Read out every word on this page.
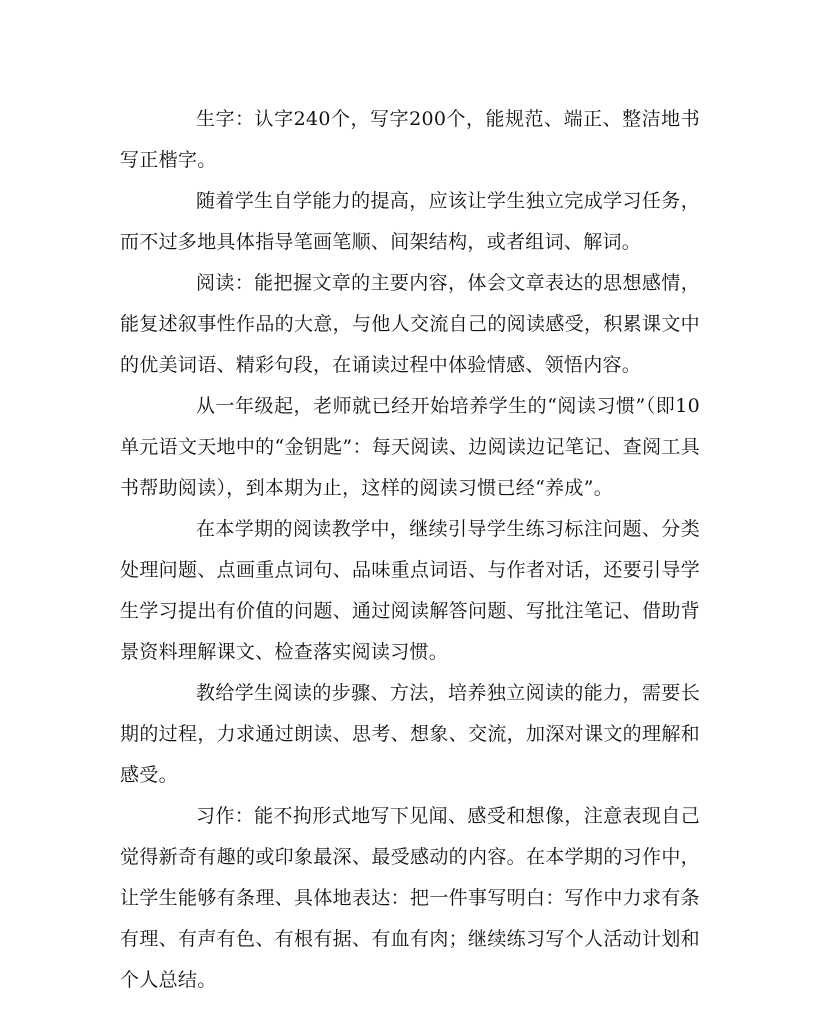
生字：认字240个，写字200个，能规范、端正、整洁地书写正楷字。

随着学生自学能力的提高，应该让学生独立完成学习任务，而不过多地具体指导笔画笔顺、间架结构，或者组词、解词。

阅读：能把握文章的主要内容，体会文章表达的思想感情，能复述叙事性作品的大意，与他人交流自己的阅读感受，积累课文中的优美词语、精彩句段，在诵读过程中体验情感、领悟内容。

从一年级起，老师就已经开始培养学生的“阅读习惯”（即10单元语文天地中的“金钥匙”：每天阅读、边阅读边记笔记、查阅工具书帮助阅读），到本期为止，这样的阅读习惯已经“养成”。

在本学期的阅读教学中，继续引导学生练习标注问题、分类处理问题、点画重点词句、品味重点词语、与作者对话，还要引导学生学习提出有价值的问题、通过阅读解答问题、写批注笔记、借助背景资料理解课文、检查落实阅读习惯。

教给学生阅读的步骤、方法，培养独立阅读的能力，需要长期的过程，力求通过朗读、思考、想象、交流，加深对课文的理解和感受。

习作：能不拘形式地写下见闻、感受和想像，注意表现自己觉得新奇有趣的或印象最深、最受感动的内容。在本学期的习作中，让学生能够有条理、具体地表达：把一件事写明白：写作中力求有条有理、有声有色、有根有据、有血有肉；继续练习写个人活动计划和个人总结。
